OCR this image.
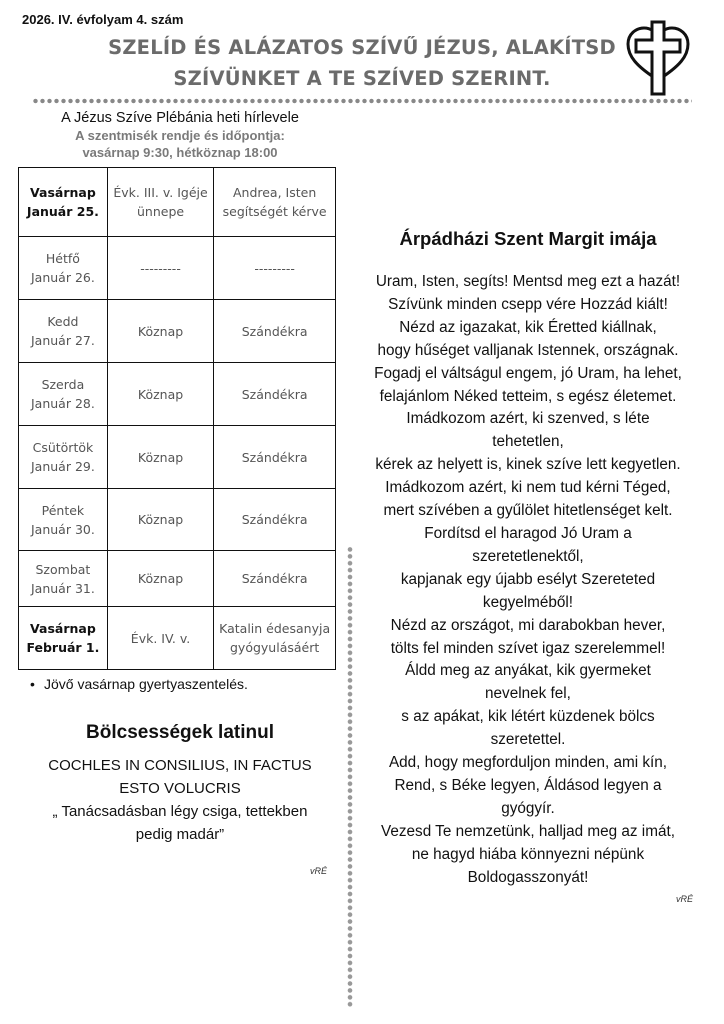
2026. IV. évfolyam 4. szám
SZELÍD ÉS ALÁZATOS SZÍVŰ JÉZUS, ALAKÍTSD
SZÍVÜNKET A TE SZÍVED SZERINT.
A Jézus Szíve Plébánia heti hírlevele
A szentmisék rendje és időpontja:
vasárnap 9:30, hétköznap 18:00
Vasárnap
Január 25.	Évk. III. v. Igéje ünnepe	Andrea, Isten segítségét kérve

Hétfő
Január 26.	---------	---------

Kedd
Január 27.	Köznap	Szándékra

Szerda
Január 28.	Köznap	Szándékra

Csütörtök
Január 29.	Köznap	Szándékra

Péntek
Január 30.	Köznap	Szándékra

Szombat
Január 31.	Köznap	Szándékra

Vasárnap
Február 1.	Évk. IV. v.	Katalin édesanyja gyógyulásáért
• Jövő vasárnap gyertyaszentelés.
Bölcsességek latinul
COCHLES IN CONSILIUS, IN FACTUS
ESTO VOLUCRIS
„ Tanácsadásban légy csiga, tettekben
pedig madár”
vRÉ
Árpádházi Szent Margit imája
Uram, Isten, segíts! Mentsd meg ezt a hazát!
Szívünk minden csepp vére Hozzád kiált!
Nézd az igazakat, kik Éretted kiállnak,
hogy hűséget valljanak Istennek, országnak.
Fogadj el váltságul engem, jó Uram, ha lehet,
felajánlom Néked tetteim, s egész életemet.
Imádkozom azért, ki szenved, s léte
tehetetlen,
kérek az helyett is, kinek szíve lett kegyetlen.
Imádkozom azért, ki nem tud kérni Téged,
mert szívében a gyűlölet hitetlenséget kelt.
Fordítsd el haragod Jó Uram a
szeretetlenektől,
kapjanak egy újabb esélyt Szereteted
kegyelméből!
Nézd az országot, mi darabokban hever,
tölts fel minden szívet igaz szerelemmel!
Áldd meg az anyákat, kik gyermeket
nevelnek fel,
s az apákat, kik létért küzdenek bölcs
szeretettel.
Add, hogy megforduljon minden, ami kín,
Rend, s Béke legyen, Áldásod legyen a
gyógyír.
Vezesd Te nemzetünk, halljad meg az imát,
ne hagyd hiába könnyezni népünk
Boldogasszonyát!
vRÉ
